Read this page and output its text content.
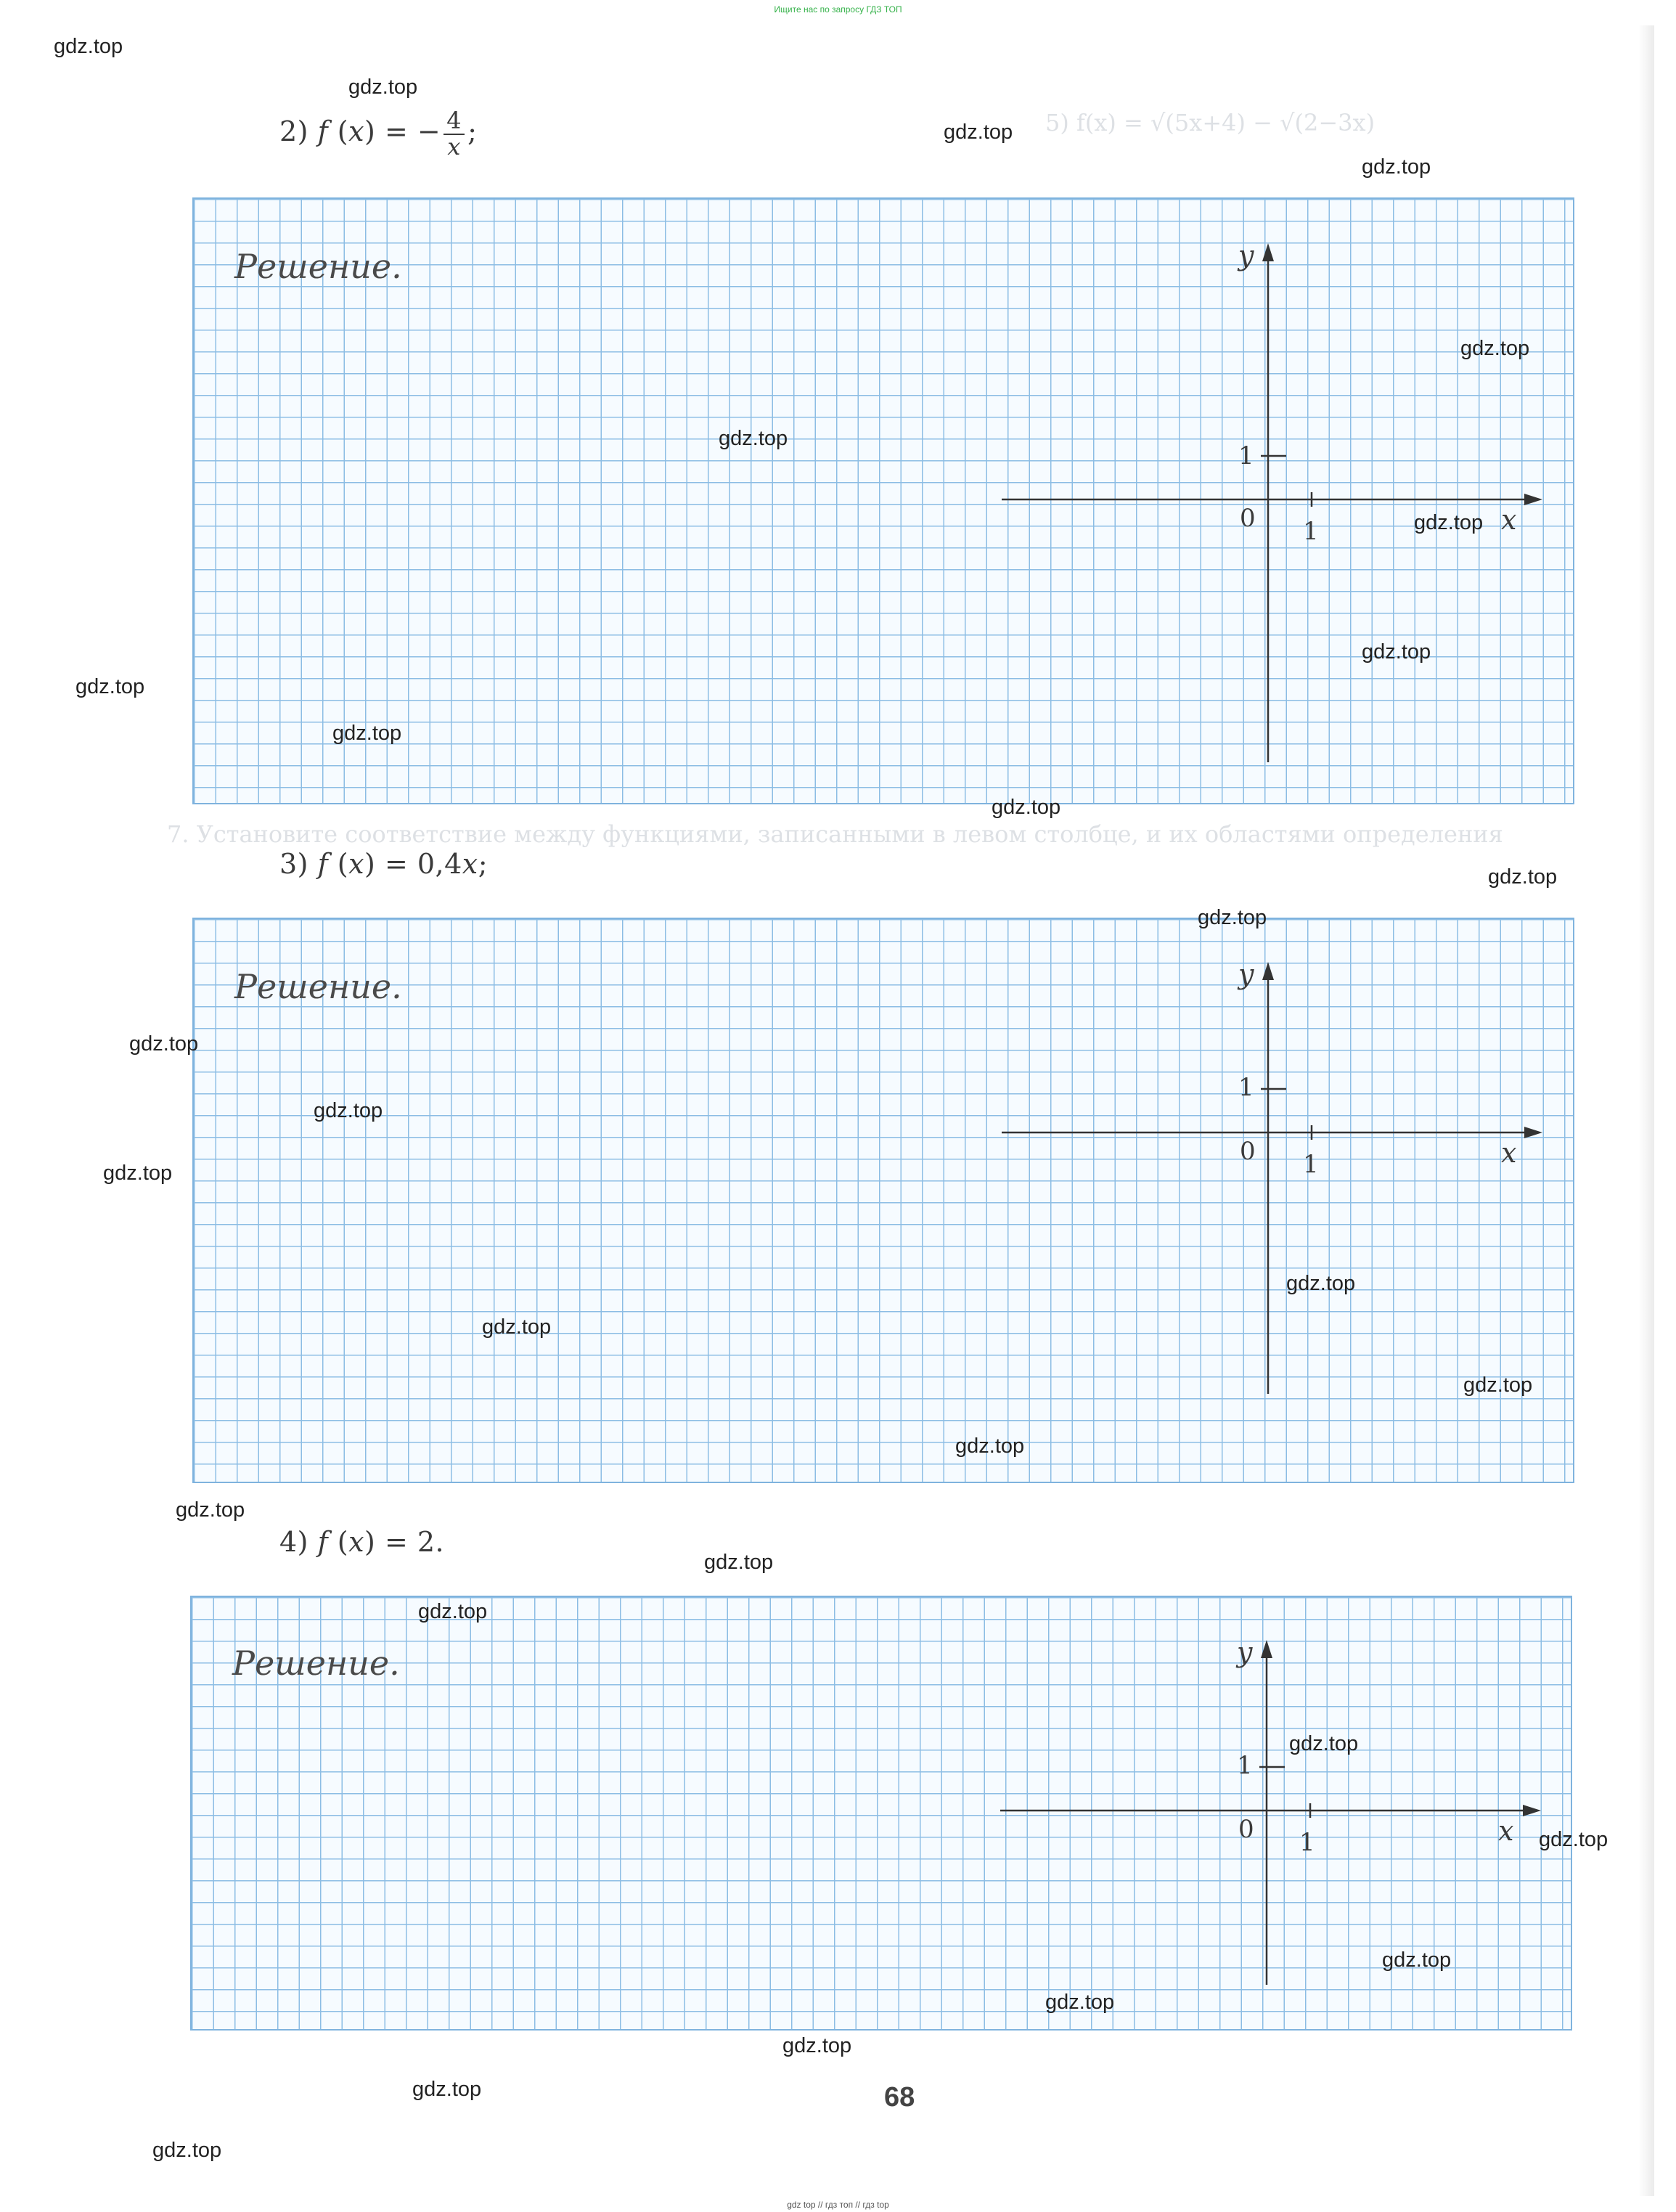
Ищите нас по запросу ГДЗ ТОП
5) f(x) = √(5x+4) − √(2−3x)
2) f (x) = − $\frac{4}{x}$ ;
Решение.	y
x
0 1
1
7. Установите соответствие между функциями, записанными в левом столбце, и их областями определения
3) f (x) = 0,4x;
Решение.	y
x
0 1
1
4) f (x) = 2.
Решение.	y
x
0 1
1
68
gdz.top
gdz.top
gdz.top
gdz.top
gdz.top
gdz.top
gdz.top
gdz.top
gdz.top
gdz.top
gdz.top
gdz.top
gdz.top
gdz.top
gdz.top
gdz.top
gdz.top
gdz.top
gdz.top
gdz.top
gdz.top
gdz.top
gdz.top
gdz.top
gdz.top
gdz.top
gdz.top
gdz.top
gdz.top
gdz.top
gdz top // гдз топ // гдз top
